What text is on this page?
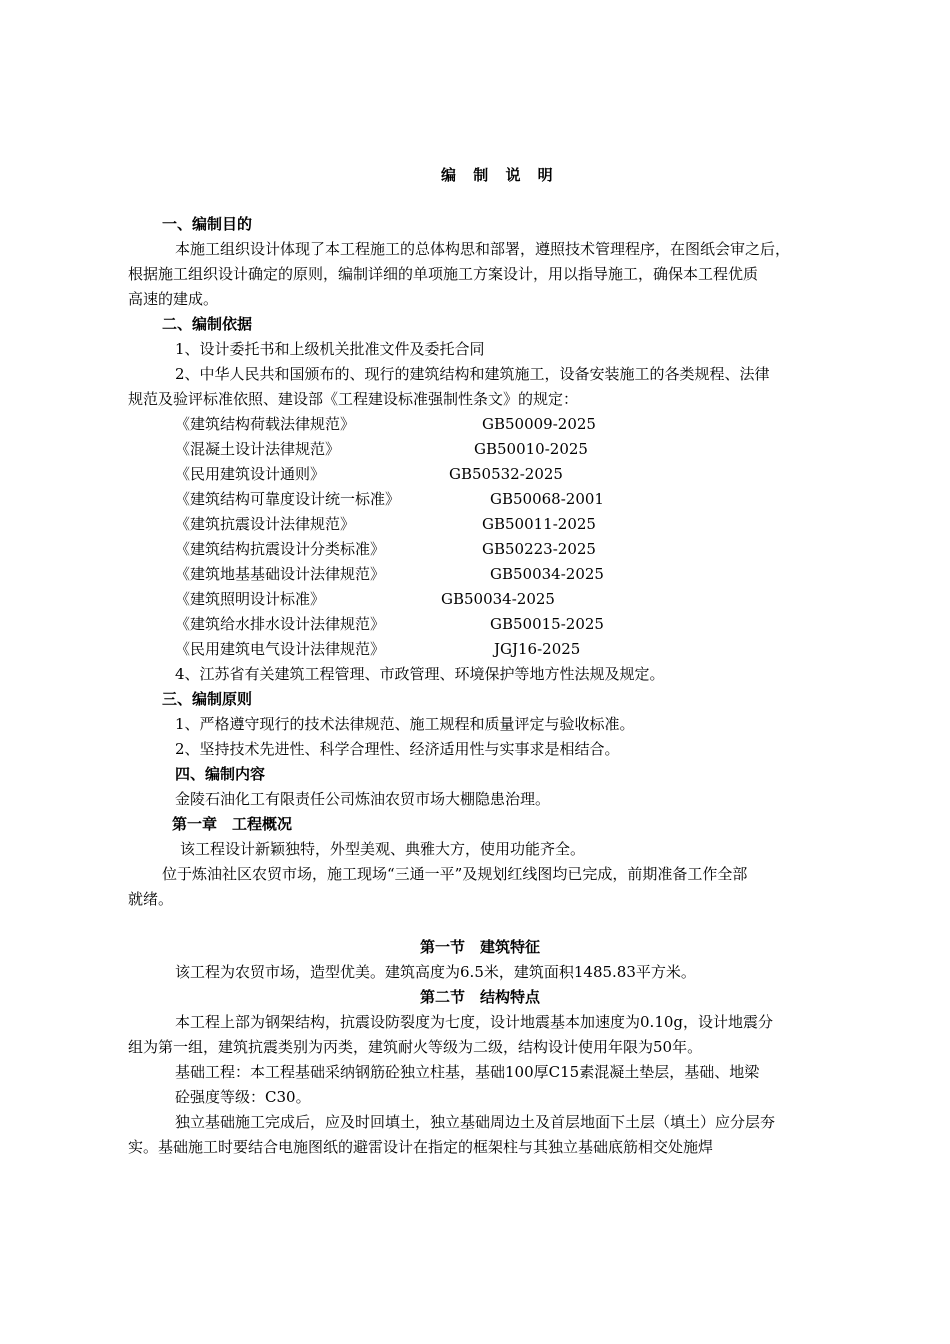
编 制 说 明
一、编制目的
本施工组织设计体现了本工程施工的总体构思和部署，遵照技术管理程序，在图纸会审之后，
根据施工组织设计确定的原则，编制详细的单项施工方案设计，用以指导施工，确保本工程优质
高速的建成。
二、编制依据
1、设计委托书和上级机关批准文件及委托合同
2、中华人民共和国颁布的、现行的建筑结构和建筑施工，设备安装施工的各类规程、法律
规范及验评标准依照、建设部《工程建设标准强制性条文》的规定：
《建筑结构荷载法律规范》	GB50009-2025
《混凝土设计法律规范》	GB50010-2025
《民用建筑设计通则》	GB50532-2025
《建筑结构可靠度设计统一标准》	GB50068-2001
《建筑抗震设计法律规范》	GB50011-2025
《建筑结构抗震设计分类标准》	GB50223-2025
《建筑地基基础设计法律规范》	GB50034-2025
《建筑照明设计标准》	GB50034-2025
《建筑给水排水设计法律规范》	GB50015-2025
《民用建筑电气设计法律规范》	JGJ16-2025
4、江苏省有关建筑工程管理、市政管理、环境保护等地方性法规及规定。
三、编制原则
1、严格遵守现行的技术法律规范、施工规程和质量评定与验收标准。
2、坚持技术先进性、科学合理性、经济适用性与实事求是相结合。
四、编制内容
金陵石油化工有限责任公司炼油农贸市场大棚隐患治理。
第一章　工程概况
该工程设计新颖独特，外型美观、典雅大方，使用功能齐全。
位于炼油社区农贸市场，施工现场“三通一平”及规划红线图均已完成，前期准备工作全部
就绪。
第一节　建筑特征
该工程为农贸市场，造型优美。建筑高度为6.5米，建筑面积1485.83平方米。
第二节　结构特点
本工程上部为钢架结构，抗震设防裂度为七度，设计地震基本加速度为0.10g，设计地震分
组为第一组，建筑抗震类别为丙类，建筑耐火等级为二级，结构设计使用年限为50年。
基础工程：本工程基础采纳钢筋砼独立柱基，基础100厚C15素混凝土垫层，基础、地梁
砼强度等级：C30。
独立基础施工完成后，应及时回填土，独立基础周边土及首层地面下土层（填土）应分层夯
实。基础施工时要结合电施图纸的避雷设计在指定的框架柱与其独立基础底筋相交处施焊
